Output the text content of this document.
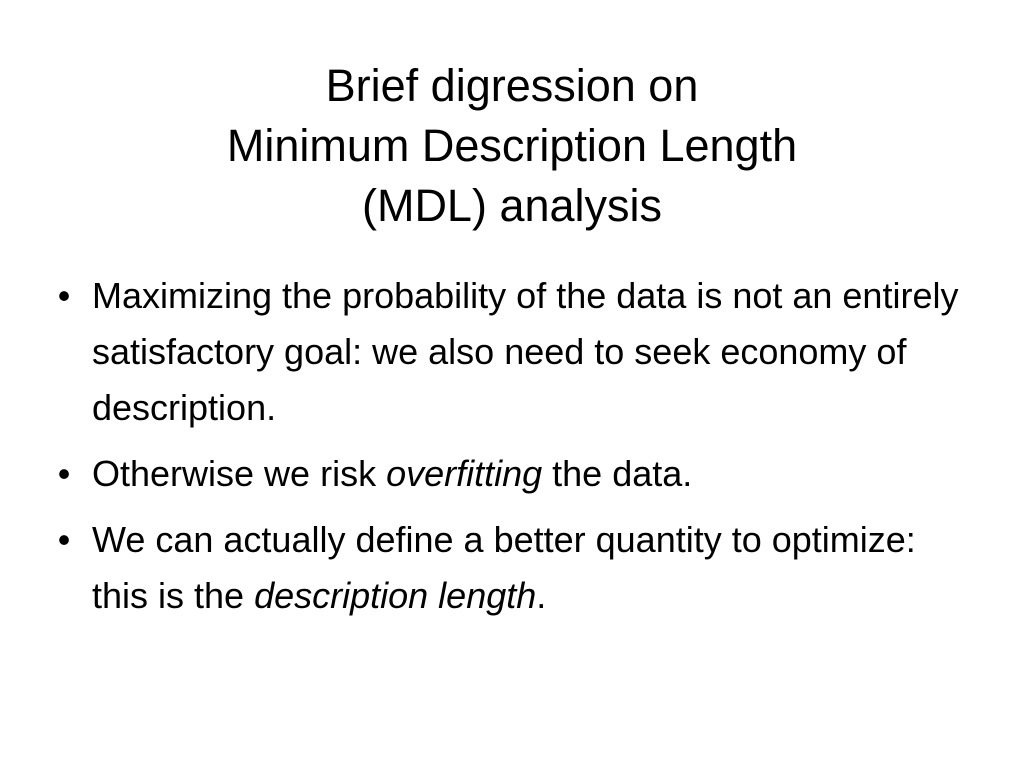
Brief digression on
Minimum Description Length
(MDL) analysis
• Maximizing the probability of the data is not an entirely satisfactory goal: we also need to seek economy of description.
• Otherwise we risk overfitting the data.
• We can actually define a better quantity to optimize: this is the description length.
